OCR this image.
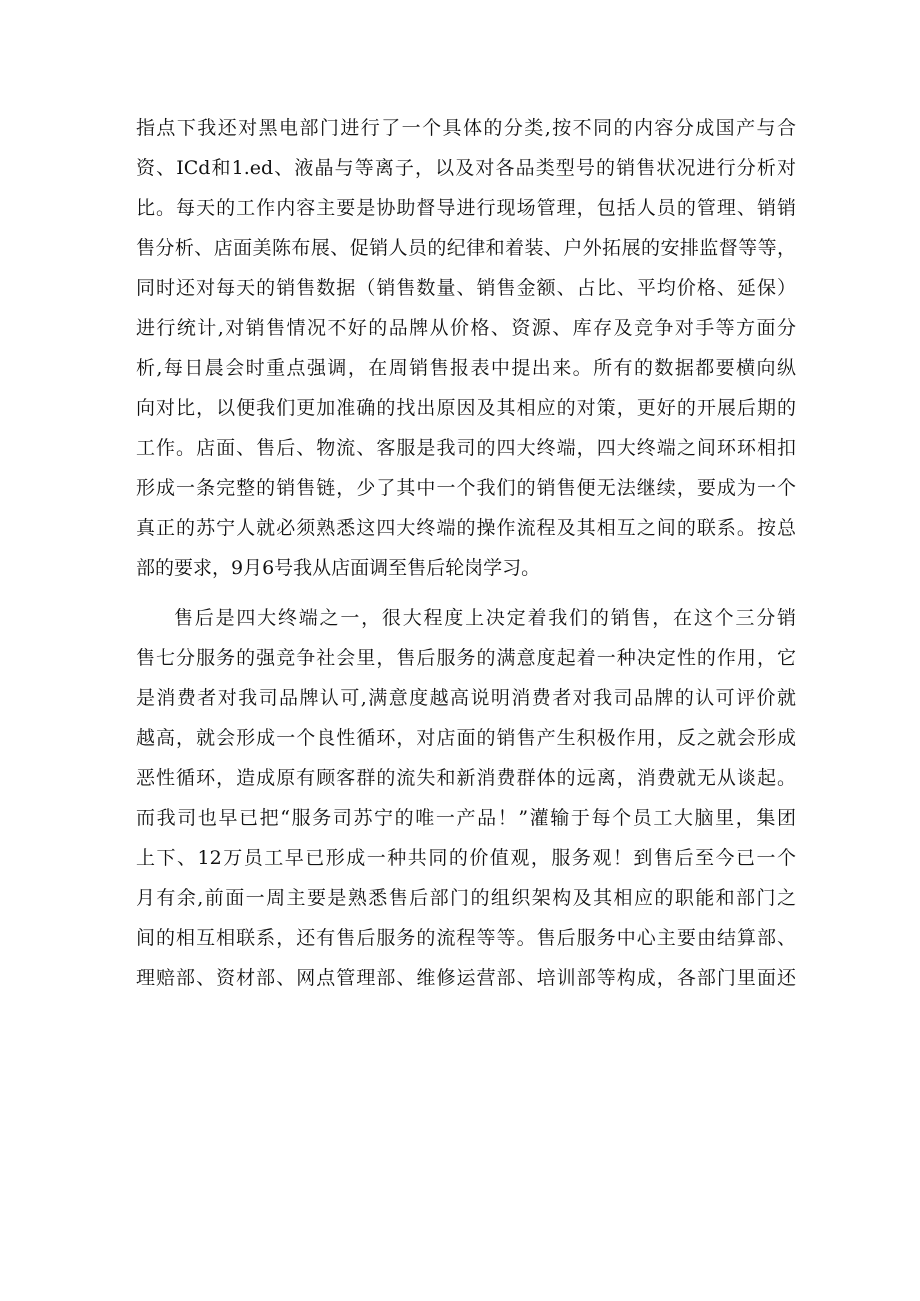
指点下我还对黑电部门进行了一个具体的分类,按不同的内容分成国产与合
资、ICd和1.ed、液晶与等离子，以及对各品类型号的销售状况进行分析对
比。每天的工作内容主要是协助督导进行现场管理，包括人员的管理、销销
售分析、店面美陈布展、促销人员的纪律和着装、户外拓展的安排监督等等，
同时还对每天的销售数据（销售数量、销售金额、占比、平均价格、延保）
进行统计,对销售情况不好的品牌从价格、资源、库存及竞争对手等方面分
析,每日晨会时重点强调，在周销售报表中提出来。所有的数据都要横向纵
向对比，以便我们更加准确的找出原因及其相应的对策，更好的开展后期的
工作。店面、售后、物流、客服是我司的四大终端，四大终端之间环环相扣
形成一条完整的销售链，少了其中一个我们的销售便无法继续，要成为一个
真正的苏宁人就必须熟悉这四大终端的操作流程及其相互之间的联系。按总
部的要求，9月6号我从店面调至售后轮岗学习。
售后是四大终端之一，很大程度上决定着我们的销售，在这个三分销
售七分服务的强竞争社会里，售后服务的满意度起着一种决定性的作用，它
是消费者对我司品牌认可,满意度越高说明消费者对我司品牌的认可评价就
越高，就会形成一个良性循环，对店面的销售产生积极作用，反之就会形成
恶性循环，造成原有顾客群的流失和新消费群体的远离，消费就无从谈起。
而我司也早已把“服务司苏宁的唯一产品！”灌输于每个员工大脑里，集团
上下、12万员工早已形成一种共同的价值观，服务观！到售后至今已一个
月有余,前面一周主要是熟悉售后部门的组织架构及其相应的职能和部门之
间的相互相联系，还有售后服务的流程等等。售后服务中心主要由结算部、
理赔部、资材部、网点管理部、维修运营部、培训部等构成，各部门里面还
